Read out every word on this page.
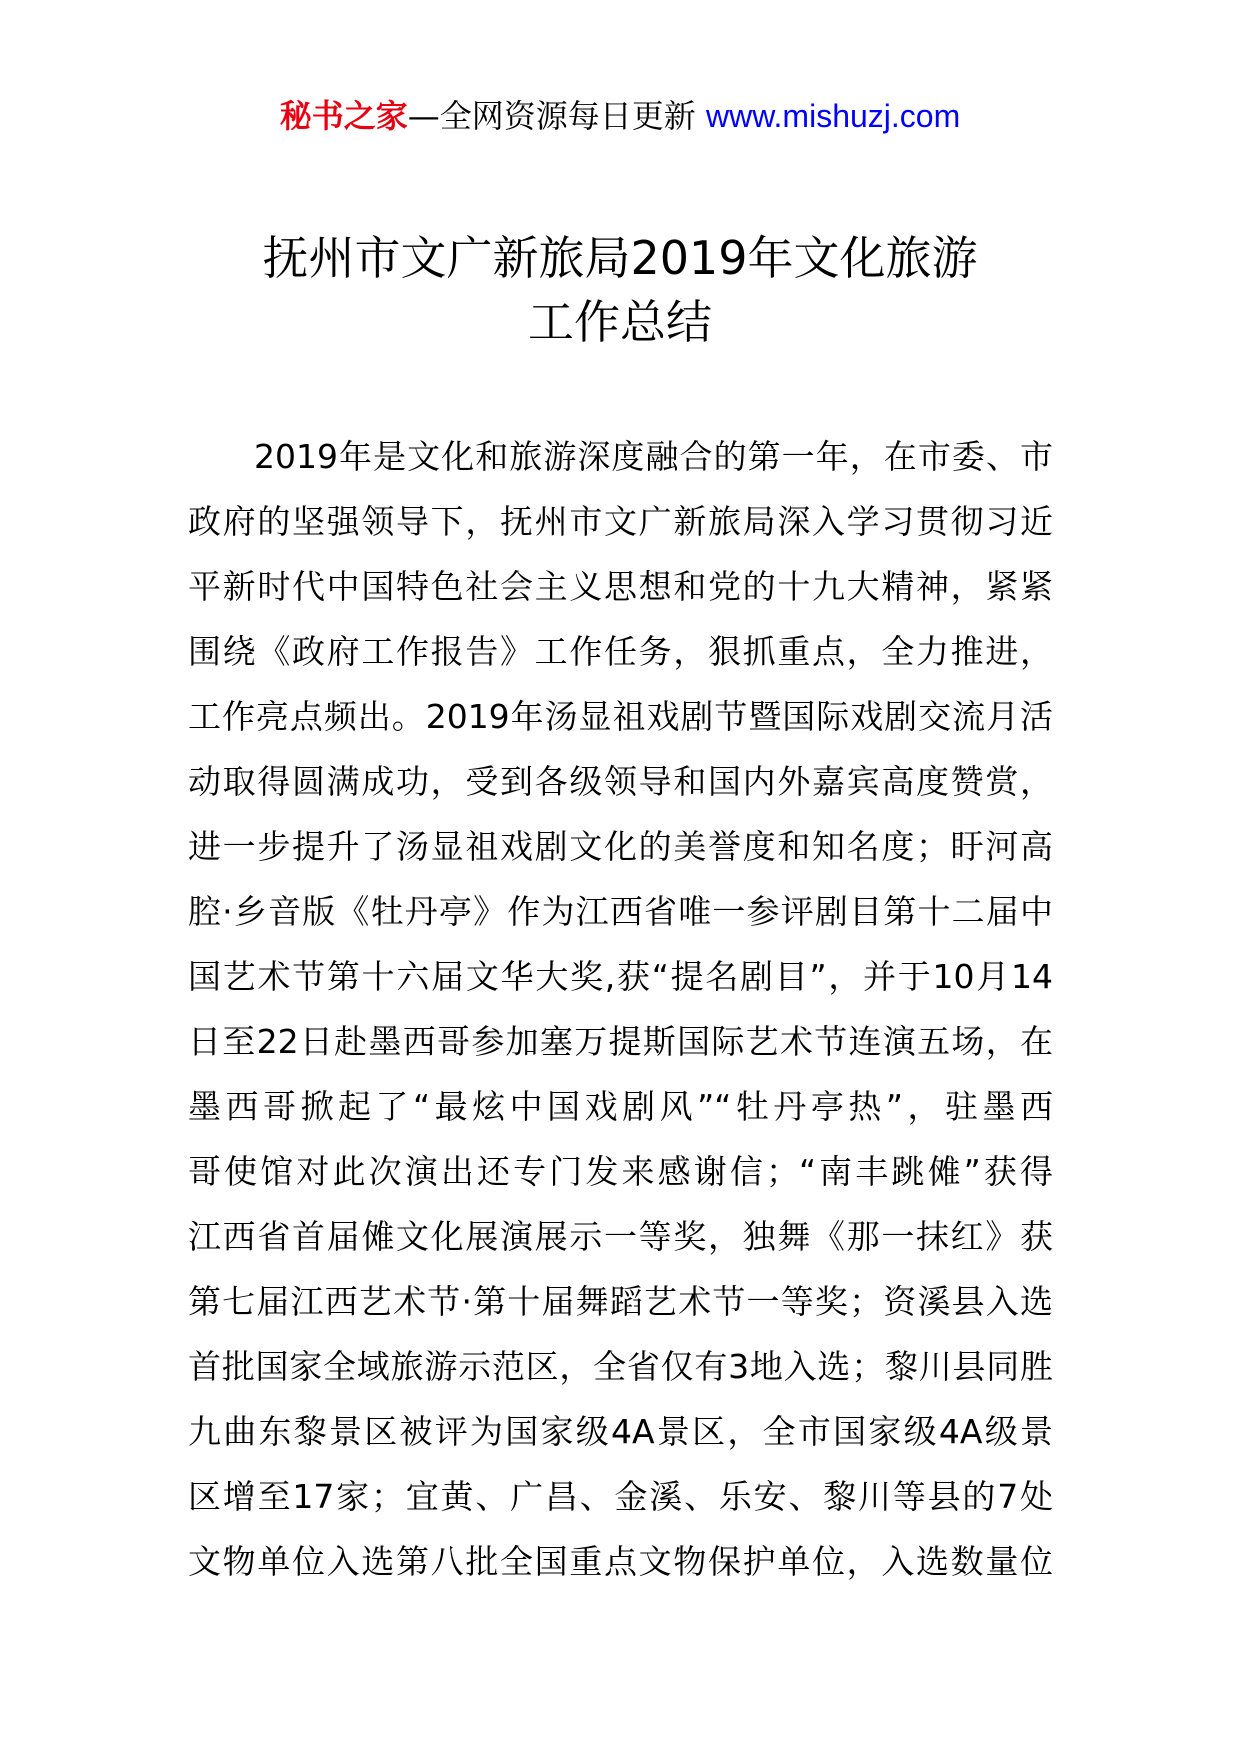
秘书之家—全网资源每日更新 www.mishuzj.com
抚州市文广新旅局2019年文化旅游
工作总结
2019年是文化和旅游深度融合的第一年，在市委、市
政府的坚强领导下，抚州市文广新旅局深入学习贯彻习近
平新时代中国特色社会主义思想和党的十九大精神，紧紧
围绕《政府工作报告》工作任务，狠抓重点，全力推进，
工作亮点频出。2019年汤显祖戏剧节暨国际戏剧交流月活
动取得圆满成功，受到各级领导和国内外嘉宾高度赞赏，
进一步提升了汤显祖戏剧文化的美誉度和知名度；盱河高
腔·乡音版《牡丹亭》作为江西省唯一参评剧目第十二届中
国艺术节第十六届文华大奖,获“提名剧目”，并于10月14
日至22日赴墨西哥参加塞万提斯国际艺术节连演五场，在
墨西哥掀起了“最炫中国戏剧风”“牡丹亭热”，驻墨西
哥使馆对此次演出还专门发来感谢信；“南丰跳傩”获得
江西省首届傩文化展演展示一等奖，独舞《那一抹红》获
第七届江西艺术节·第十届舞蹈艺术节一等奖；资溪县入选
首批国家全域旅游示范区，全省仅有3地入选；黎川县同胜
九曲东黎景区被评为国家级4A景区，全市国家级4A级景
区增至17家；宜黄、广昌、金溪、乐安、黎川等县的7处
文物单位入选第八批全国重点文物保护单位，入选数量位
